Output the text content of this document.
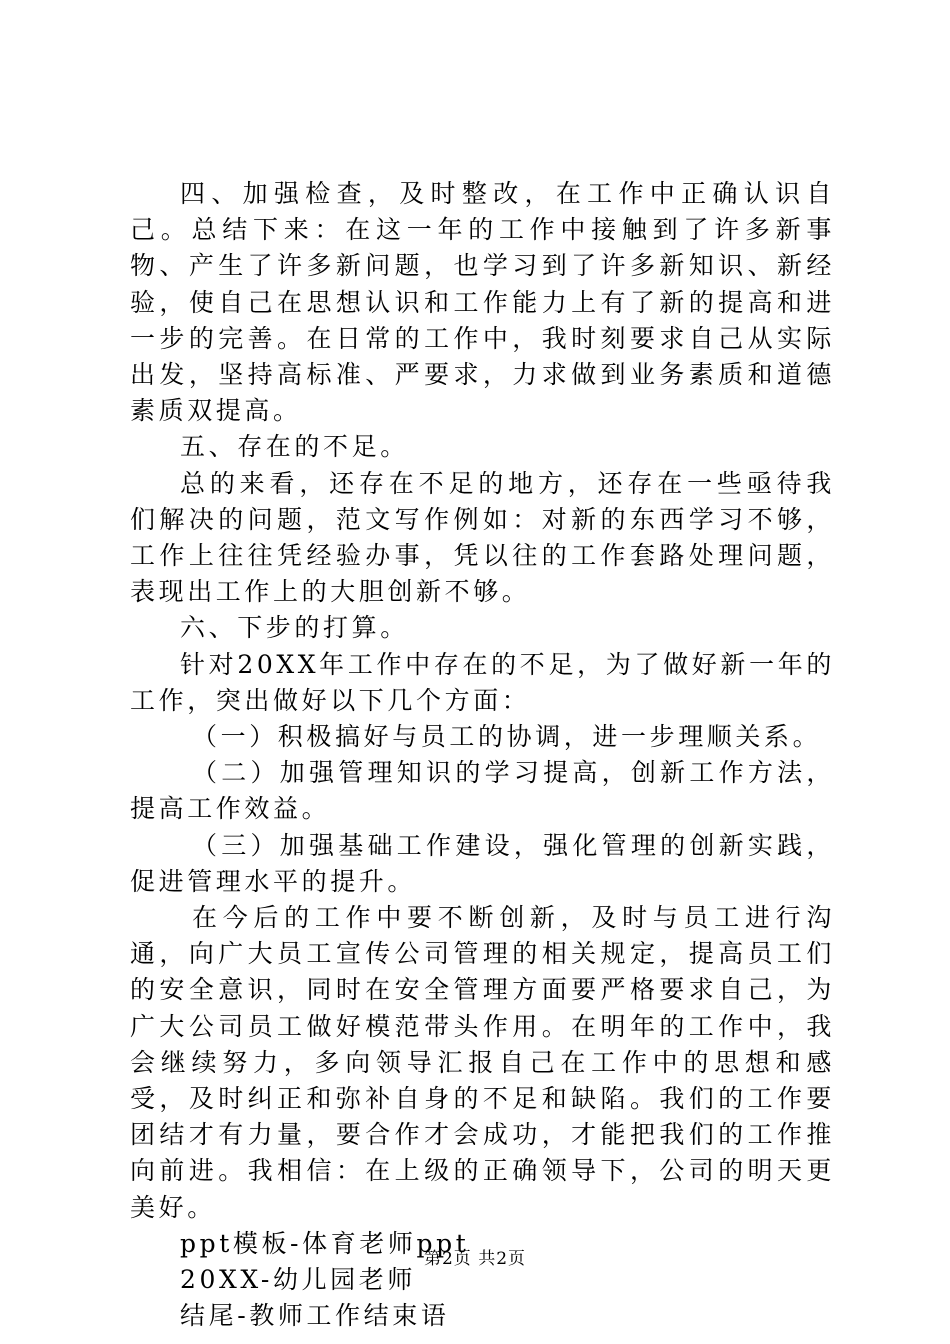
四、加强检查，及时整改，在工作中正确认识自己。总结下来：在这一年的工作中接触到了许多新事物、产生了许多新问题，也学习到了许多新知识、新经验，使自己在思想认识和工作能力上有了新的提高和进一步的完善。在日常的工作中，我时刻要求自己从实际出发，坚持高标准、严要求，力求做到业务素质和道德素质双提高。

五、存在的不足。

总的来看，还存在不足的地方，还存在一些亟待我们解决的问题，范文写作例如：对新的东西学习不够，工作上往往凭经验办事，凭以往的工作套路处理问题，表现出工作上的大胆创新不够。

六、下步的打算。

针对20XX年工作中存在的不足，为了做好新一年的工作，突出做好以下几个方面：

（一）积极搞好与员工的协调，进一步理顺关系。

（二）加强管理知识的学习提高，创新工作方法，提高工作效益。

（三）加强基础工作建设，强化管理的创新实践，促进管理水平的提升。

在今后的工作中要不断创新，及时与员工进行沟通，向广大员工宣传公司管理的相关规定，提高员工们的安全意识，同时在安全管理方面要严格要求自己，为广大公司员工做好模范带头作用。在明年的工作中，我会继续努力，多向领导汇报自己在工作中的思想和感受，及时纠正和弥补自身的不足和缺陷。我们的工作要团结才有力量，要合作才会成功，才能把我们的工作推向前进。我相信：在上级的正确领导下，公司的明天更美好。

ppt模板-体育老师ppt
20XX-幼儿园老师
结尾-教师工作结束语
第2页 共2页
